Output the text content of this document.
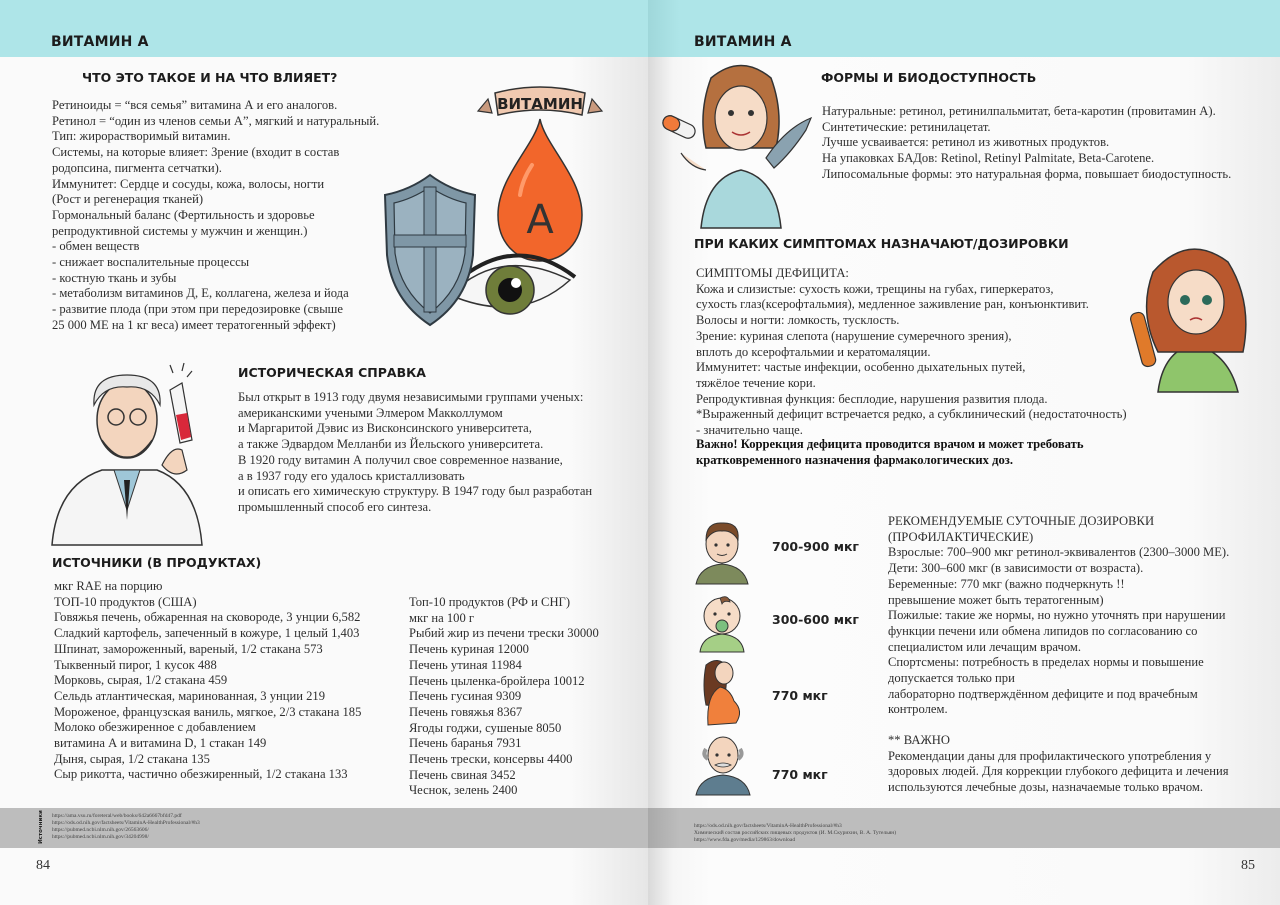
ВИТАМИН А
ЧТО ЭТО ТАКОЕ И НА ЧТО ВЛИЯЕТ?
Ретиноиды = “вся семья” витамина А и его аналогов.
Ретинол = “один из членов семьи А”, мягкий и натуральный.
Тип: жирорастворимый витамин.
Системы, на которые влияет: Зрение (входит в состав
родопсина, пигмента сетчатки).
Иммунитет: Сердце и сосуды, кожа, волосы, ногти
(Рост и регенерация тканей)
Гормональный баланс (Фертильность и здоровье
репродуктивной системы у мужчин и женщин.)
- обмен веществ
- снижает воспалительные процессы
- костную ткань и зубы
- метаболизм витаминов Д, Е, коллагена, железа и йода
- развитие плода (при этом при передозировке (свыше
25 000 МЕ на 1 кг веса) имеет тератогенный эффект)
ВИТАМИН
A
ИСТОРИЧЕСКАЯ СПРАВКА
Был открыт в 1913 году двумя независимыми группами ученых:
американскими учеными Элмером Макколлумом
и Маргаритой Дэвис из Висконсинского университета,
а также Эдвардом Мелланби из Йельского университета.
В 1920 году витамин А получил свое современное название,
а в 1937 году его удалось кристаллизовать
и описать его химическую структуру. В 1947 году был разработан
промышленный способ его синтеза.
ИСТОЧНИКИ (В ПРОДУКТАХ)
мкг RAE на порцию
ТОП-10 продуктов (США)
Говяжья печень, обжаренная на сковороде, 3 унции 6,582
Сладкий картофель, запеченный в кожуре, 1 целый 1,403
Шпинат, замороженный, вареный, 1/2 стакана 573
Тыквенный пирог, 1 кусок 488
Морковь, сырая, 1/2 стакана 459
Сельдь атлантическая, маринованная, 3 унции 219
Мороженое, французская ваниль, мягкое, 2/3 стакана 185
Молоко обезжиренное с добавлением
витамина А и витамина D, 1 стакан 149
Дыня, сырая, 1/2 стакана 135
Сыр рикотта, частично обезжиренный, 1/2 стакана 133
Топ-10 продуктов (РФ и СНГ)
мкг на 100 г
Рыбий жир из печени трески 30000
Печень куриная 12000
Печень утиная 11984
Печень цыленка-бройлера 10012
Печень гусиная 9309
Печень говяжья 8367
Ягоды годжи, сушеные 8050
Печень баранья 7931
Печень трески, консервы 4400
Печень свиная 3452
Чеснок, зелень 2400
Источники https://ama.vsu.ru/foreteral/web/books/642a6667bfd47.pdf
https://ods.od.nih.gov/factsheets/VitaminA-HealthProfessional/#h3
https://pubmed.ncbi.nlm.nih.gov/26563606/
https://pubmed.ncbi.nlm.nih.gov/34204998/
84
ВИТАМИН А
ФОРМЫ И БИОДОСТУПНОСТЬ
Натуральные: ретинол, ретинилпальмитат, бета-каротин (провитамин А).
Синтетические: ретинилацетат.
Лучше усваивается: ретинол из животных продуктов.
На упаковках БАДов: Retinol, Retinyl Palmitate, Beta-Carotene.
Липосомальные формы: это натуральная форма, повышает биодоступность.
ПРИ КАКИХ СИМПТОМАХ НАЗНАЧАЮТ/ДОЗИРОВКИ
СИМПТОМЫ ДЕФИЦИТА:
Кожа и слизистые: сухость кожи, трещины на губах, гиперкератоз,
сухость глаз(ксерофтальмия), медленное заживление ран, конъюнктивит.
Волосы и ногти: ломкость, тусклость.
Зрение: куриная слепота (нарушение сумеречного зрения),
вплоть до ксерофтальмии и кератомаляции.
Иммунитет: частые инфекции, особенно дыхательных путей,
тяжёлое течение кори.
Репродуктивная функция: бесплодие, нарушения развития плода.
*Выраженный дефицит встречается редко, а субклинический (недостаточность)
- значительно чаще.
Важно! Коррекция дефицита проводится врачом и может требовать
кратковременного назначения фармакологических доз.
700-900 мкг
300-600 мкг
770 мкг
770 мкг
РЕКОМЕНДУЕМЫЕ СУТОЧНЫЕ ДОЗИРОВКИ
(ПРОФИЛАКТИЧЕСКИЕ)
Взрослые: 700–900 мкг ретинол-эквивалентов (2300–3000 МЕ).
Дети: 300–600 мкг (в зависимости от возраста).
Беременные: 770 мкг (важно подчеркнуть !!
превышение может быть тератогенным)
Пожилые: такие же нормы, но нужно уточнять при нарушении
функции печени или обмена липидов по согласованию со
специалистом или лечащим врачом.
Спортсмены: потребность в пределах нормы и повышение
допускается только при
лабораторно подтверждённом дефиците и под врачебным
контролем.
** ВАЖНО
Рекомендации даны для профилактического употребления у
здоровых людей. Для коррекции глубокого дефицита и лечения
используются лечебные дозы, назначаемые только врачом.
https://ods.od.nih.gov/factsheets/VitaminA-HealthProfessional/#h3
Химический состав российских пищевых продуктов (И. М.Скурихин, В. А. Тутельян)
https://www.fda.gov/media/129863/download
85
